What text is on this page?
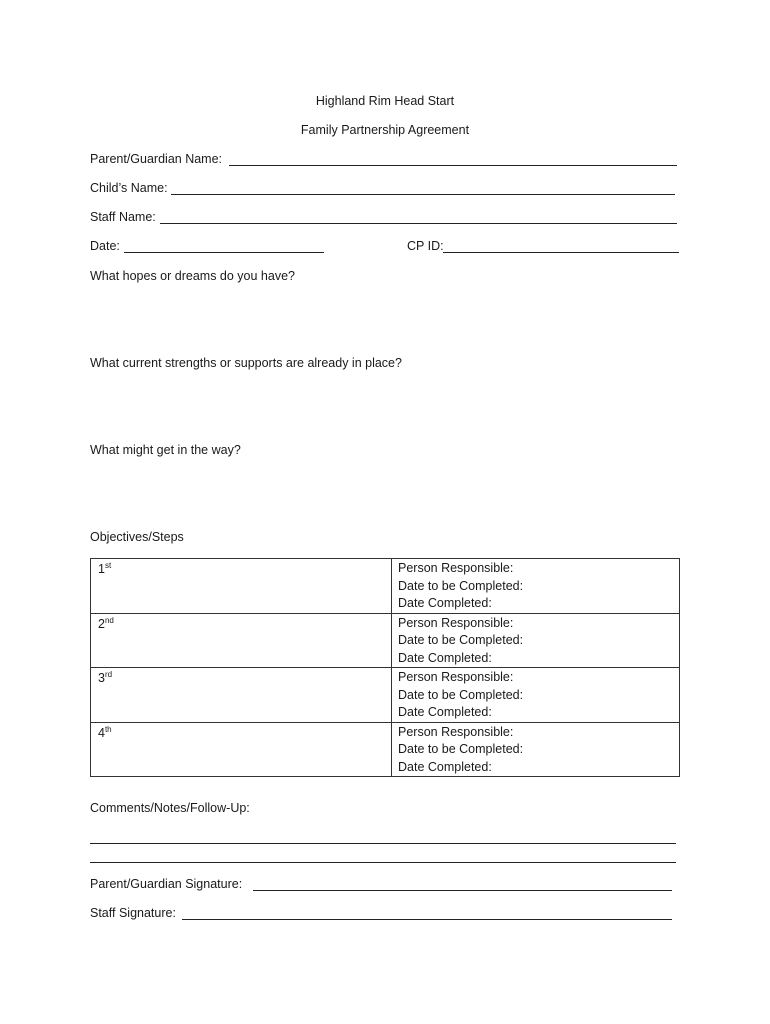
Highland Rim Head Start
Family Partnership Agreement
Parent/Guardian Name:
Child’s Name:
Staff Name:
Date:	CP ID:
What hopes or dreams do you have?
What current strengths or supports are already in place?
What might get in the way?
Objectives/Steps
1st	Person Responsible:
Date to be Completed:
Date Completed:

2nd	Person Responsible:
Date to be Completed:
Date Completed:

3rd	Person Responsible:
Date to be Completed:
Date Completed:

4th	Person Responsible:
Date to be Completed:
Date Completed:
Comments/Notes/Follow-Up:
Parent/Guardian Signature:
Staff Signature:
